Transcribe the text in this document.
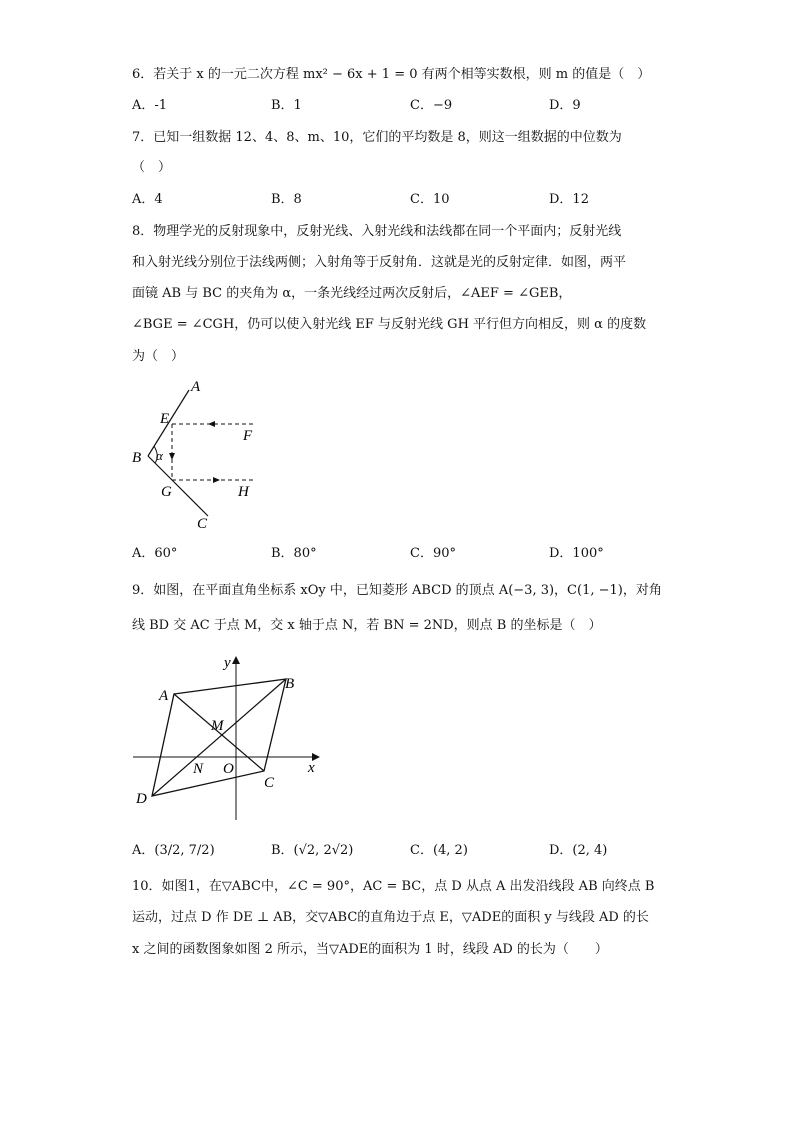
6．若关于 x 的一元二次方程 mx² − 6x + 1 = 0 有两个相等实数根，则 m 的值是（　）
A．-1	B．1	C．−9	D．9
7．已知一组数据 12、4、8、m、10，它们的平均数是 8，则这一组数据的中位数为
（　）
A．4	B．8	C．10	D．12
8．物理学光的反射现象中，反射光线、入射光线和法线都在同一个平面内；反射光线
和入射光线分别位于法线两侧；入射角等于反射角．这就是光的反射定律．如图，两平
面镜 AB 与 BC 的夹角为 α，一条光线经过两次反射后，∠AEF = ∠GEB，
∠BGE = ∠CGH，仍可以使入射光线 EF 与反射光线 GH 平行但方向相反，则 α 的度数
为（　）
A
E
F
B α
G	H
C
A．60°	B．80°	C．90°	D．100°
9．如图，在平面直角坐标系 xOy 中，已知菱形 ABCD 的顶点 A(−3, 3)，C(1, −1)，对角
线 BD 交 AC 于点 M，交 x 轴于点 N，若 BN = 2ND，则点 B 的坐标是（　）
y
x
A
B
M
N O
C
D
A．(3/2, 7/2)	B．(√2, 2√2)	C．(4, 2)	D．(2, 4)
10．如图1，在▽ABC中，∠C = 90°，AC = BC，点 D 从点 A 出发沿线段 AB 向终点 B
运动，过点 D 作 DE ⊥ AB，交▽ABC的直角边于点 E，▽ADE的面积 y 与线段 AD 的长
x 之间的函数图象如图 2 所示，当▽ADE的面积为 1 时，线段 AD 的长为（　　）
